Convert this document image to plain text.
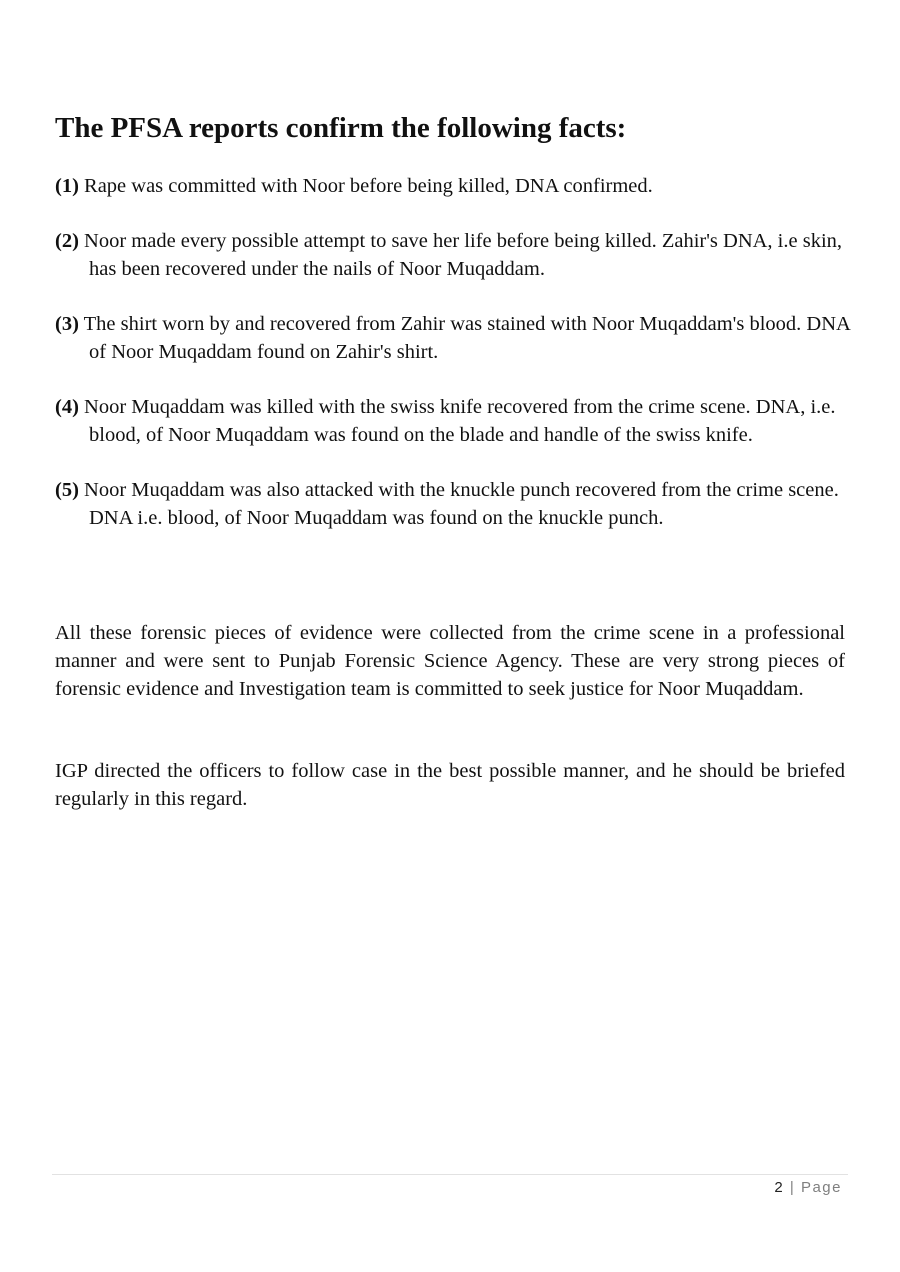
The PFSA reports confirm the following facts:
(1) Rape was committed with Noor before being killed, DNA confirmed.
(2) Noor made every possible attempt to save her life before being killed. Zahir's DNA, i.e skin, has been recovered under the nails of Noor Muqaddam.
(3) The shirt worn by and recovered from Zahir was stained with Noor Muqaddam's blood. DNA of Noor Muqaddam found on Zahir's shirt.
(4) Noor Muqaddam was killed with the swiss knife recovered from the crime scene. DNA, i.e. blood, of Noor Muqaddam was found on the blade and handle of the swiss knife.
(5) Noor Muqaddam was also attacked with the knuckle punch recovered from the crime scene. DNA i.e. blood, of Noor Muqaddam was found on the knuckle punch.

All these forensic pieces of evidence were collected from the crime scene in a professional manner and were sent to Punjab Forensic Science Agency. These are very strong pieces of forensic evidence and Investigation team is committed to seek justice for Noor Muqaddam.

IGP directed the officers to follow case in the best possible manner, and he should be briefed regularly in this regard.

2 | Page
